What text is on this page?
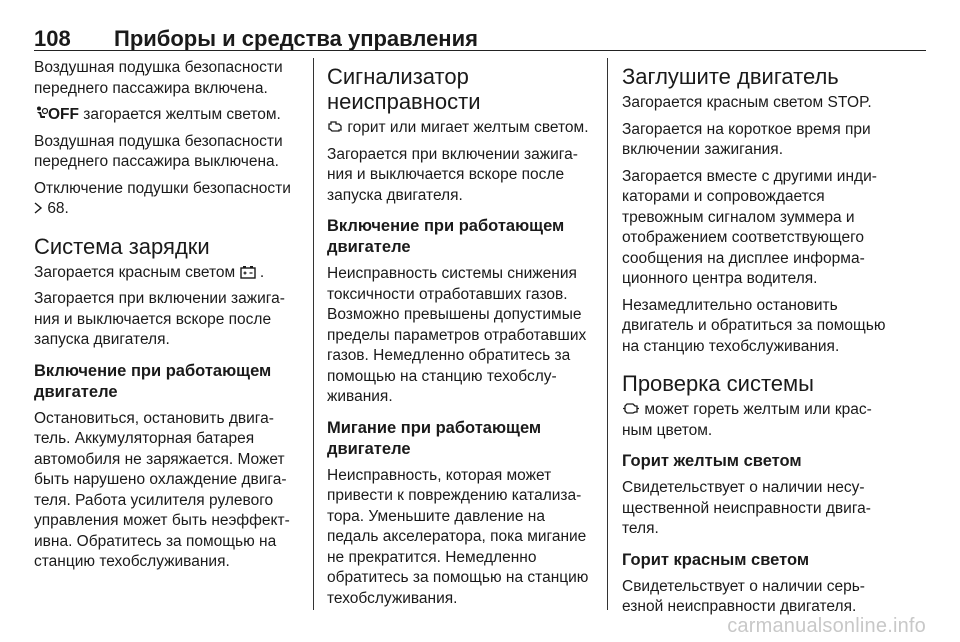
108	Приборы и средства управления

Воздушная подушка безопасности переднего пассажира включена.

OFF загорается желтым светом.

Воздушная подушка безопасности переднего пассажира выключена.

Отключение подушки безопасности  68.

Система зарядки

Загорается красным светом .

Загорается при включении зажигания и выключается вскоре после запуска двигателя.

Включение при работающем двигателе

Остановиться, остановить двигатель. Аккумуляторная батарея автомобиля не заряжается. Может быть нарушено охлаждение двигателя. Работа усилителя рулевого управления может быть неэффективна. Обратитесь за помощью на станцию техобслуживания.

Сигнализатор неисправности

горит или мигает желтым светом.

Загорается при включении зажигания и выключается вскоре после запуска двигателя.

Включение при работающем двигателе

Неисправность системы снижения токсичности отработавших газов. Возможно превышены допустимые пределы параметров отработавших газов. Немедленно обратитесь за помощью на станцию техобслуживания.

Мигание при работающем двигателе

Неисправность, которая может привести к повреждению катализатора. Уменьшите давление на педаль акселератора, пока мигание не прекратится. Немедленно обратитесь за помощью на станцию техобслуживания.

Заглушите двигатель

Загорается красным светом STOP.

Загорается на короткое время при включении зажигания.

Загорается вместе с другими индикаторами и сопровождается тревожным сигналом зуммера и отображением соответствующего сообщения на дисплее информационного центра водителя.

Незамедлительно остановить двигатель и обратиться за помощью на станцию техобслуживания.

Проверка системы

может гореть желтым или красным цветом.

Горит желтым светом

Свидетельствует о наличии несущественной неисправности двигателя.

Горит красным светом

Свидетельствует о наличии серьезной неисправности двигателя.

carmanualsonline.info
